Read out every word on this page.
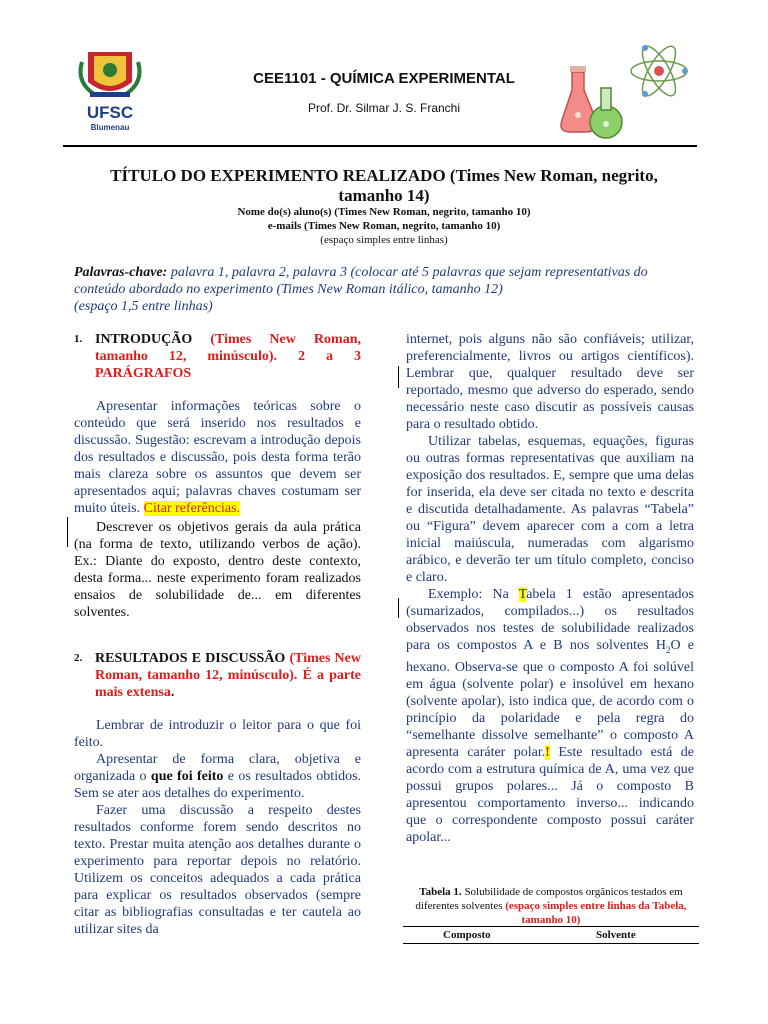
UFSC
Blumenau
CEE1101 - QUÍMICA EXPERIMENTAL
Prof. Dr. Silmar J. S. Franchi
TÍTULO DO EXPERIMENTO REALIZADO (Times New Roman, negrito, tamanho 14)
Nome do(s) aluno(s) (Times New Roman, negrito, tamanho 10)
e-mails (Times New Roman, negrito, tamanho 10)
(espaço simples entre linhas)
Palavras-chave: palavra 1, palavra 2, palavra 3 (colocar até 5 palavras que sejam representativas do conteúdo abordado no experimento (Times New Roman itálico, tamanho 12)
(espaço 1,5 entre linhas)
1. INTRODUÇÃO (Times New Roman, tamanho 12, minúsculo). 2 a 3 PARÁGRAFOS

Apresentar informações teóricas sobre o conteúdo que será inserido nos resultados e discussão. Sugestão: escrevam a introdução depois dos resultados e discussão, pois desta forma terão mais clareza sobre os assuntos que devem ser apresentados aqui; palavras chaves costumam ser muito úteis. Citar referências.

Descrever os objetivos gerais da aula prática (na forma de texto, utilizando verbos de ação). Ex.: Diante do exposto, dentro deste contexto, desta forma... neste experimento foram realizados ensaios de solubilidade de... em diferentes solventes.

2. RESULTADOS E DISCUSSÃO (Times New Roman, tamanho 12, minúsculo). É a parte mais extensa.

Lembrar de introduzir o leitor para o que foi feito.

Apresentar de forma clara, objetiva e organizada o que foi feito e os resultados obtidos. Sem se ater aos detalhes do experimento.

Fazer uma discussão a respeito destes resultados conforme forem sendo descritos no texto. Prestar muita atenção aos detalhes durante o experimento para reportar depois no relatório. Utilizem os conceitos adequados a cada prática para explicar os resultados observados (sempre citar as bibliografias consultadas e ter cautela ao utilizar sites da

internet, pois alguns não são confiáveis; utilizar, preferencialmente, livros ou artigos científicos). Lembrar que, qualquer resultado deve ser reportado, mesmo que adverso do esperado, sendo necessário neste caso discutir as possíveis causas para o resultado obtido.

Utilizar tabelas, esquemas, equações, figuras ou outras formas representativas que auxiliam na exposição dos resultados. E, sempre que uma delas for inserida, ela deve ser citada no texto e descrita e discutida detalhadamente. As palavras “Tabela” ou “Figura” devem aparecer com a com a letra inicial maiúscula, numeradas com algarismo arábico, e deverão ter um título completo, conciso e claro.

Exemplo: Na Tabela 1 estão apresentados (sumarizados, compilados...) os resultados observados nos testes de solubilidade realizados para os compostos A e B nos solventes $H_2O$ e hexano. Observa-se que o composto A foi solúvel em água (solvente polar) e insolúvel em hexano (solvente apolar), isto indica que, de acordo com o princípio da polaridade e pela regra do “semelhante dissolve semelhante” o composto A apresenta caráter polar.! Este resultado está de acordo com a estrutura química de A, uma vez que possui grupos polares... Já o composto B apresentou comportamento inverso... indicando que o correspondente composto possui caráter apolar...

Tabela 1. Solubilidade de compostos orgânicos testados em diferentes solventes (espaço simples entre linhas da Tabela, tamanho 10)
Composto	Solvente
